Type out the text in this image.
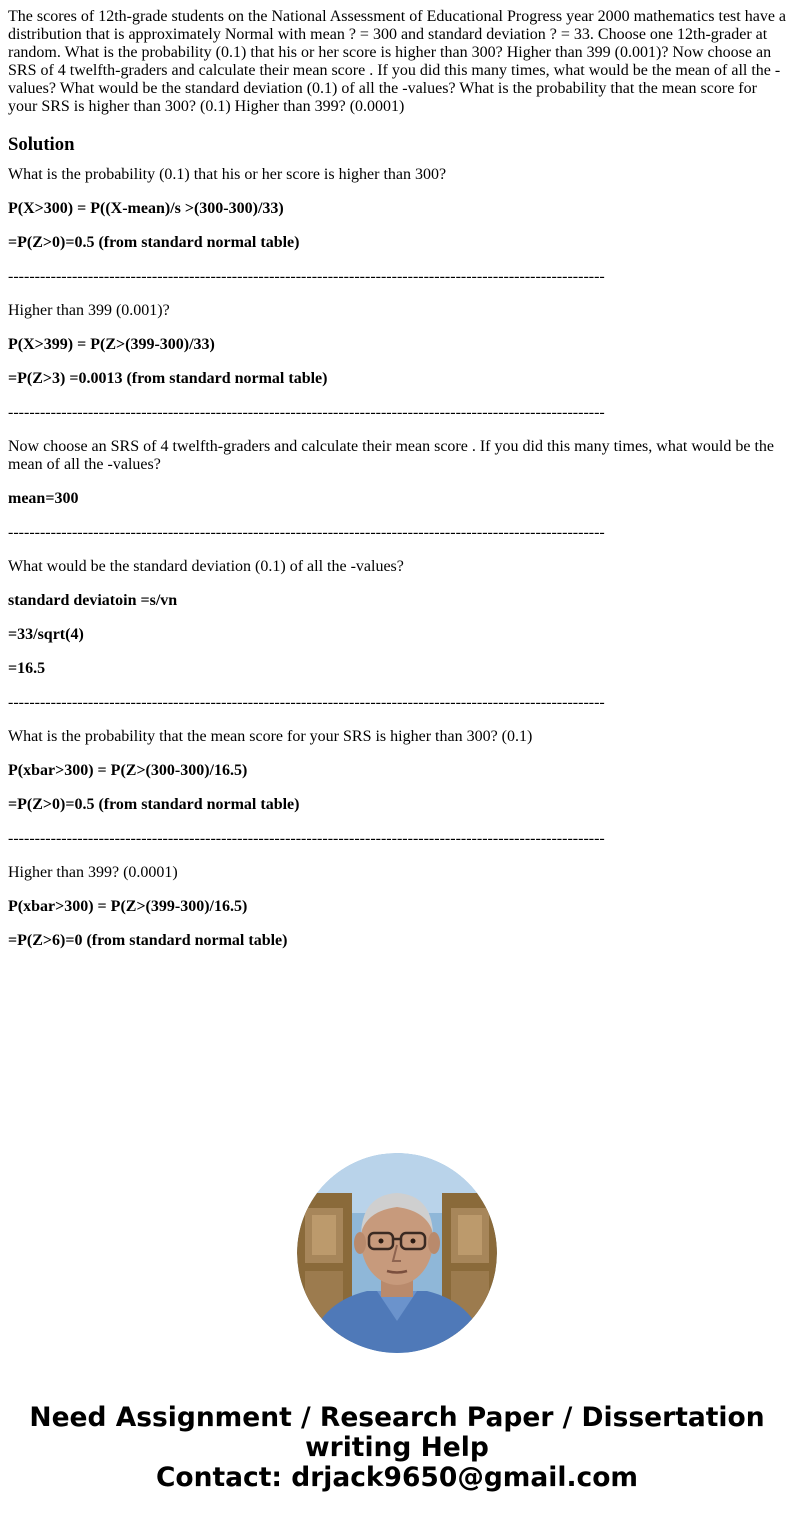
The scores of 12th-grade students on the National Assessment of Educational Progress year 2000 mathematics test have a distribution that is approximately Normal with mean ? = 300 and standard deviation ? = 33. Choose one 12th-grader at random. What is the probability (0.1) that his or her score is higher than 300? Higher than 399 (0.001)? Now choose an SRS of 4 twelfth-graders and calculate their mean score . If you did this many times, what would be the mean of all the -values? What would be the standard deviation (0.1) of all the -values? What is the probability that the mean score for your SRS is higher than 300? (0.1) Higher than 399? (0.0001)

Solution

What is the probability (0.1) that his or her score is higher than 300?

P(X>300) = P((X-mean)/s >(300-300)/33)

=P(Z>0)=0.5 (from standard normal table)

----------------------------------------------------------------------------------------------------------------

Higher than 399 (0.001)?

P(X>399) = P(Z>(399-300)/33)

=P(Z>3) =0.0013 (from standard normal table)

----------------------------------------------------------------------------------------------------------------

Now choose an SRS of 4 twelfth-graders and calculate their mean score . If you did this many times, what would be the mean of all the -values?

mean=300

----------------------------------------------------------------------------------------------------------------

What would be the standard deviation (0.1) of all the -values?

standard deviatoin =s/vn

=33/sqrt(4)

=16.5

----------------------------------------------------------------------------------------------------------------

What is the probability that the mean score for your SRS is higher than 300? (0.1)

P(xbar>300) = P(Z>(300-300)/16.5)

=P(Z>0)=0.5 (from standard normal table)

----------------------------------------------------------------------------------------------------------------

Higher than 399? (0.0001)

P(xbar>300) = P(Z>(399-300)/16.5)

=P(Z>6)=0 (from standard normal table)

Need Assignment / Research Paper / Dissertation
writing Help
Contact: drjack9650@gmail.com
